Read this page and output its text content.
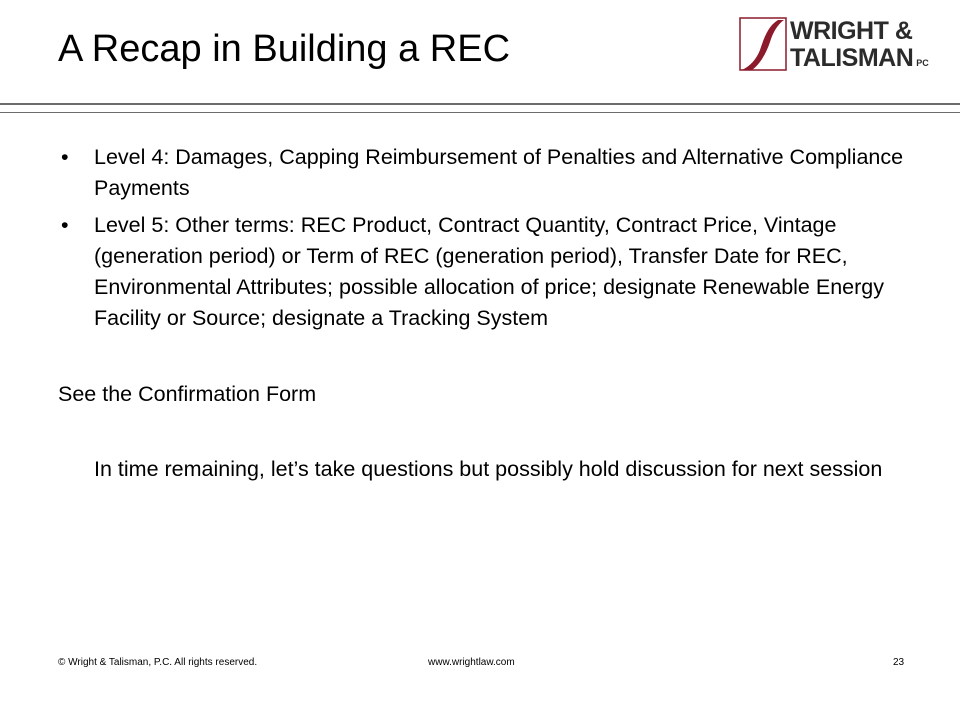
A Recap in Building a REC	WRIGHT &
TALISMAN PC
• Level 4: Damages, Capping Reimbursement of Penalties and Alternative Compliance Payments
• Level 5: Other terms: REC Product, Contract Quantity, Contract Price, Vintage (generation period) or Term of REC (generation period), Transfer Date for REC, Environmental Attributes; possible allocation of price; designate Renewable Energy Facility or Source; designate a Tracking System

See the Confirmation Form

In time remaining, let’s take questions but possibly hold discussion for next session

© Wright & Talisman, P.C. All rights reserved.	www.wrightlaw.com	23
